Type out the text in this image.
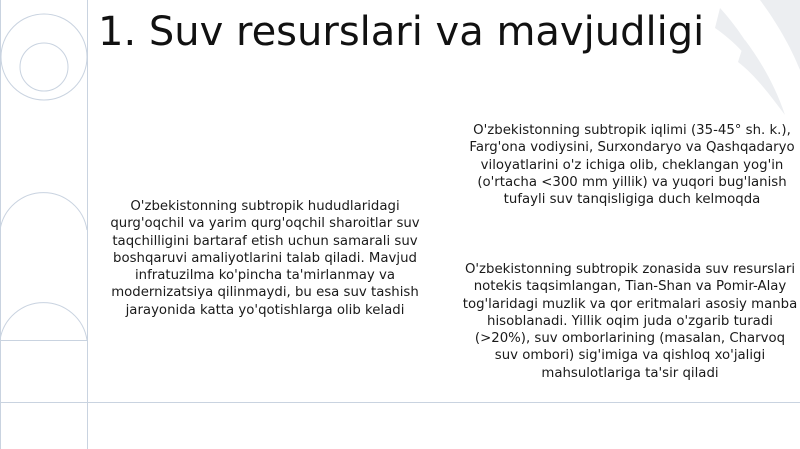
1. Suv resurslari va mavjudligi

O'zbekistonning subtropik hududlaridagi qurg'oqchil va yarim qurg'oqchil sharoitlar suv taqchilligini bartaraf etish uchun samarali suv boshqaruvi amaliyotlarini talab qiladi. Mavjud infratuzilma ko'pincha ta'mirlanmay va modernizatsiya qilinmaydi, bu esa suv tashish jarayonida katta yo'qotishlarga olib keladi

O'zbekistonning subtropik iqlimi (35-45° sh. k.), Farg'ona vodiysini, Surxondaryo va Qashqadaryo viloyatlarini o'z ichiga olib, cheklangan yog'in (o'rtacha <300 mm yillik) va yuqori bug'lanish tufayli suv tanqisligiga duch kelmoqda

O'zbekistonning subtropik zonasida suv resurslari notekis taqsimlangan, Tian-Shan va Pomir-Alay tog'laridagi muzlik va qor eritmalari asosiy manba hisoblanadi. Yillik oqim juda o'zgarib turadi (>20%), suv omborlarining (masalan, Charvoq suv ombori) sig'imiga va qishloq xo'jaligi mahsulotlariga ta'sir qiladi
